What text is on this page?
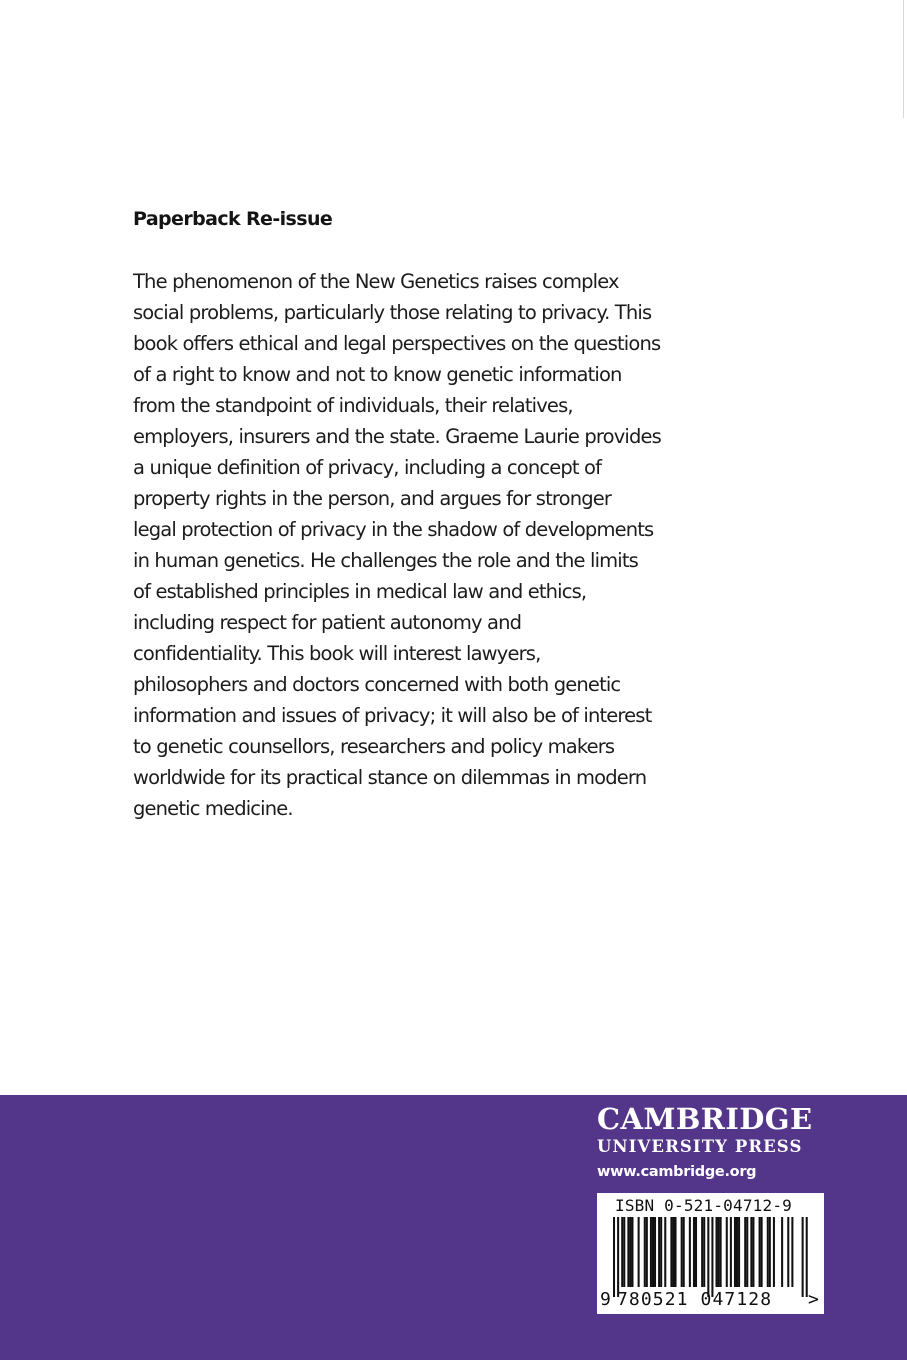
Paperback Re-issue
The phenomenon of the New Genetics raises complex
social problems, particularly those relating to privacy. This
book offers ethical and legal perspectives on the questions
of a right to know and not to know genetic information
from the standpoint of individuals, their relatives,
employers, insurers and the state. Graeme Laurie provides
a unique definition of privacy, including a concept of
property rights in the person, and argues for stronger
legal protection of privacy in the shadow of developments
in human genetics. He challenges the role and the limits
of established principles in medical law and ethics,
including respect for patient autonomy and
confidentiality. This book will interest lawyers,
philosophers and doctors concerned with both genetic
information and issues of privacy; it will also be of interest
to genetic counsellors, researchers and policy makers
worldwide for its practical stance on dilemmas in modern
genetic medicine.
CAMBRIDGE
UNIVERSITY PRESS
www.cambridge.org
ISBN 0-521-04712-9
9 780521 047128 >
